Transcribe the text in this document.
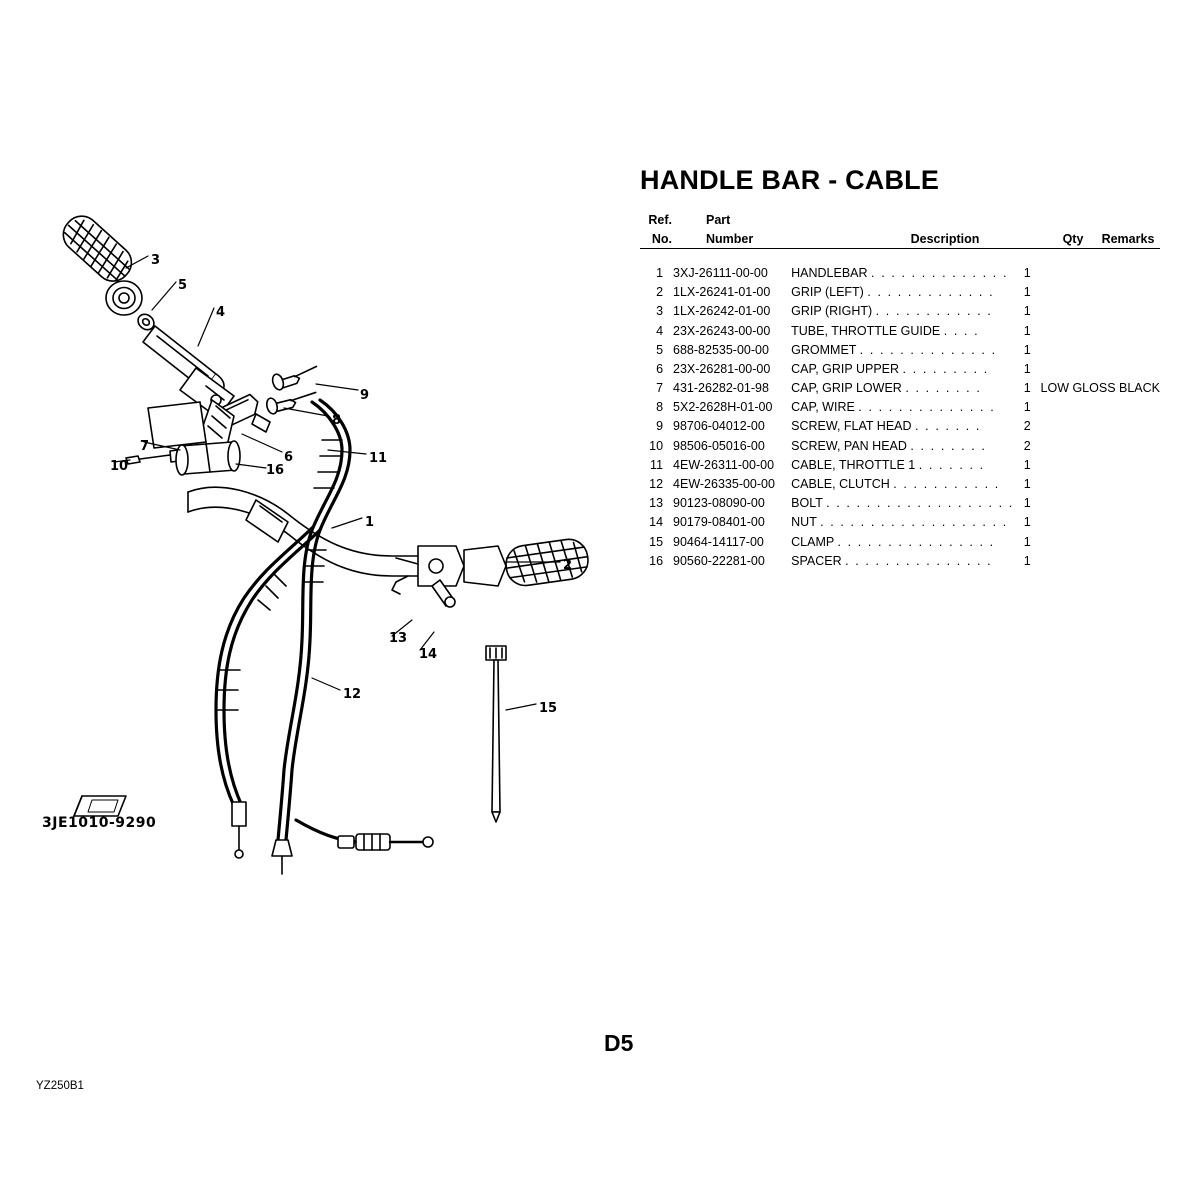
HANDLE BAR - CABLE
Ref.	Part			
No.	Number	Description	Qty	Remarks
1	3XJ-26111-00-00	HANDLEBAR . . . . . . . . . . . . . .	1	
2	1LX-26241-01-00	GRIP (LEFT) . . . . . . . . . . . . .	1	
3	1LX-26242-01-00	GRIP (RIGHT) . . . . . . . . . . . .	1	
4	23X-26243-00-00	TUBE, THROTTLE GUIDE . . . .	1	
5	688-82535-00-00	GROMMET . . . . . . . . . . . . . .	1	
6	23X-26281-00-00	CAP, GRIP UPPER . . . . . . . . .	1	
7	431-26282-01-98	CAP, GRIP LOWER . . . . . . . .	1	LOW GLOSS BLACK
8	5X2-2628H-01-00	CAP, WIRE . . . . . . . . . . . . . .	1	
9	98706-04012-00	SCREW, FLAT HEAD . . . . . . .	2	
10	98506-05016-00	SCREW, PAN HEAD . . . . . . . .	2	
11	4EW-26311-00-00	CABLE, THROTTLE 1 . . . . . . .	1	
12	4EW-26335-00-00	CABLE, CLUTCH . . . . . . . . . . .	1	
13	90123-08090-00	BOLT . . . . . . . . . . . . . . . . . . .	1	
14	90179-08401-00	NUT . . . . . . . . . . . . . . . . . . .	1	
15	90464-14117-00	CLAMP . . . . . . . . . . . . . . . .	1	
16	90560-22281-00	SPACER . . . . . . . . . . . . . . .	1	
1
2
3
4
5
6
7
8
9
10
11
12
13
14
15
16
3JE1010-9290
D5
YZ250B1
